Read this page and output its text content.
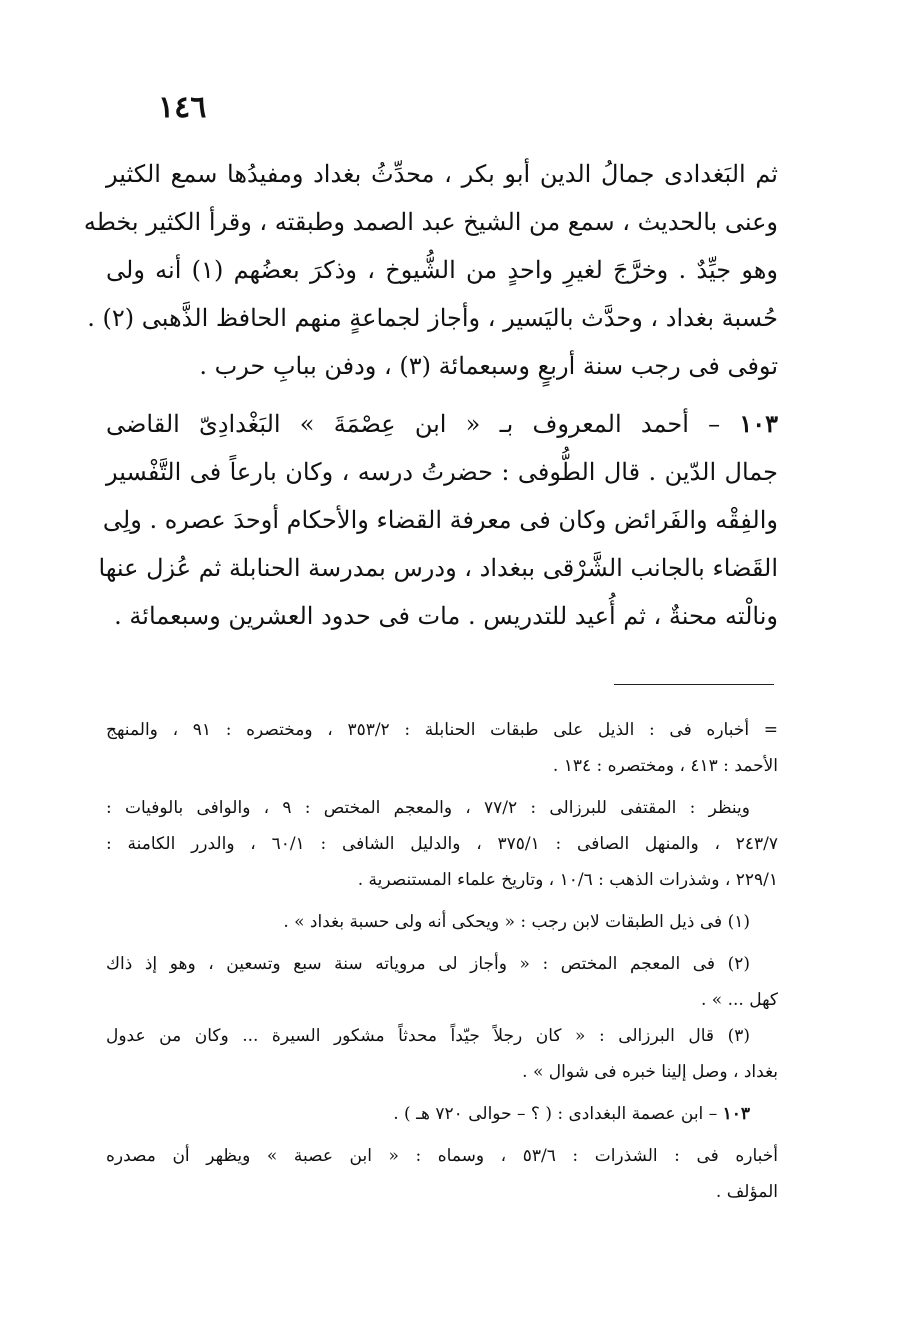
١٤٦
ثم البَغدادى جمالُ الدين أبو بكر ، محدِّثُ بغداد ومفيدُها سمع الكثير
وعنى بالحديث ، سمع من الشيخ عبد الصمد وطبقته ، وقرأ الكثير بخطه
وهو جيِّدٌ . وخرَّجَ لغيرِ واحدٍ من الشُّيوخ ، وذكرَ بعضُهم (١) أنه ولى
حُسبة بغداد ، وحدَّث باليَسير ، وأجاز لجماعةٍ منهم الحافظ الذَّهبى (٢) .
توفى فى رجب سنة أربعٍ وسبعمائة (٣) ، ودفن ببابِ حرب .
١٠٣ – أحمد المعروف بـ « ابن عِصْمَةَ » البَغْدادِىّ القاضى
جمال الدّين . قال الطُّوفى : حضرتُ درسه ، وكان بارعاً فى التَّفْسير
والفِقْه والفَرائض وكان فى معرفة القضاء والأحكام أوحدَ عصره . ولِى
القَضاء بالجانب الشَّرْقى ببغداد ، ودرس بمدرسة الحنابلة ثم عُزل عنها
ونالْته محنةٌ ، ثم أُعيد للتدريس . مات فى حدود العشرين وسبعمائة .
= أخباره فى : الذيل على طبقات الحنابلة : ٣٥٣/٢ ، ومختصره : ٩١ ، والمنهج
الأحمد : ٤١٣ ، ومختصره : ١٣٤ .
وينظر : المقتفى للبرزالى : ٧٧/٢ ، والمعجم المختص : ٩ ، والوافى بالوفيات :
٢٤٣/٧ ، والمنهل الصافى : ٣٧٥/١ ، والدليل الشافى : ٦٠/١ ، والدرر الكامنة :
٢٢٩/١ ، وشذرات الذهب : ١٠/٦ ، وتاريخ علماء المستنصرية .
(١) فى ذيل الطبقات لابن رجب : « ويحكى أنه ولى حسبة بغداد » .
(٢) فى المعجم المختص : « وأجاز لى مروياته سنة سبع وتسعين ، وهو إذ ذاك
كهل ... » .
(٣) قال البرزالى : « كان رجلاً جيّداً محدثاً مشكور السيرة ... وكان من عدول
بغداد ، وصل إلينا خبره فى شوال » .
١٠٣ – ابن عصمة البغدادى : ( ؟ – حوالى ٧٢٠ هـ ) .
أخباره فى : الشذرات : ٥٣/٦ ، وسماه : « ابن عصبة » ويظهر أن مصدره
المؤلف .
